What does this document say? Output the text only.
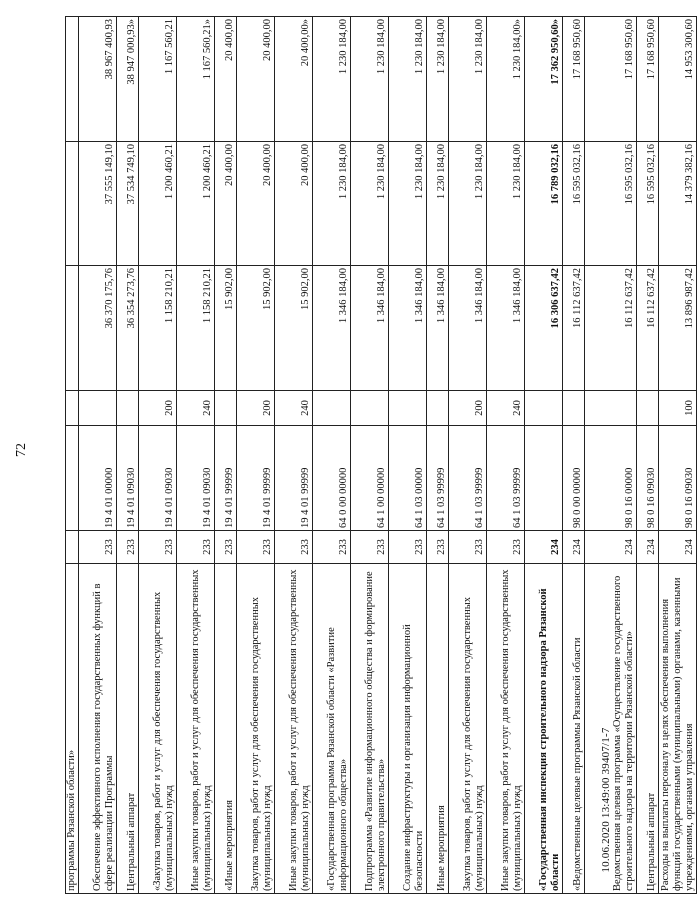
72
программы Рязанской области»						
Обеспечение эффективного исполнения государственных функций в сфере реализации Программы	233	19 4 01 00000		36 370 175,76	37 555 149,10	38 967 400,93
Центральный аппарат	233	19 4 01 09030		36 354 273,76	37 534 749,10	38 947 000,93»
«Закупка товаров, работ и услуг для обеспечения государственных (муниципальных) нужд	233	19 4 01 09030	200	1 158 210,21	1 200 460,21	1 167 560,21
Иные закупки товаров, работ и услуг для обеспечения государственных (муниципальных) нужд	233	19 4 01 09030	240	1 158 210,21	1 200 460,21	1 167 560,21»
«Иные мероприятия	233	19 4 01 99999		15 902,00	20 400,00	20 400,00
Закупка товаров, работ и услуг для обеспечения государственных (муниципальных) нужд	233	19 4 01 99999	200	15 902,00	20 400,00	20 400,00
Иные закупки товаров, работ и услуг для обеспечения государственных (муниципальных) нужд	233	19 4 01 99999	240	15 902,00	20 400,00	20 400,00»
«Государственная программа Рязанской области «Развитие информационного общества»	233	64 0 00 00000		1 346 184,00	1 230 184,00	1 230 184,00
Подпрограмма «Развитие информационного общества и формирование электронного правительства»	233	64 1 00 00000		1 346 184,00	1 230 184,00	1 230 184,00
Создание инфраструктуры и организация информационной безопасности	233	64 1 03 00000		1 346 184,00	1 230 184,00	1 230 184,00
Иные мероприятия	233	64 1 03 99999		1 346 184,00	1 230 184,00	1 230 184,00
Закупка товаров, работ и услуг для обеспечения государственных (муниципальных) нужд	233	64 1 03 99999	200	1 346 184,00	1 230 184,00	1 230 184,00
Иные закупки товаров, работ и услуг для обеспечения государственных (муниципальных) нужд	233	64 1 03 99999	240	1 346 184,00	1 230 184,00	1 230 184,00»
«Государственная инспекция строительного надзора Рязанской области	234			16 306 637,42	16 789 032,16	17 362 950,60»
«Ведомственные целевые программы Рязанской области	234	98 0 00 00000		16 112 637,42	16 595 032,16	17 168 950,60
Ведомственная целевая программа «Осуществление государственного строительного надзора на территории Рязанской области»	234	98 0 16 00000		16 112 637,42	16 595 032,16	17 168 950,60
Центральный аппарат	234	98 0 16 09030		16 112 637,42	16 595 032,16	17 168 950,60
Расходы на выплаты персоналу в целях обеспечения выполнения функций государственными (муниципальными) органами, казенными учреждениями, органами управления	234	98 0 16 09030	100	13 896 987,42	14 379 382,16	14 953 300,60
10.06.2020 13:49:00 39407/1-7
